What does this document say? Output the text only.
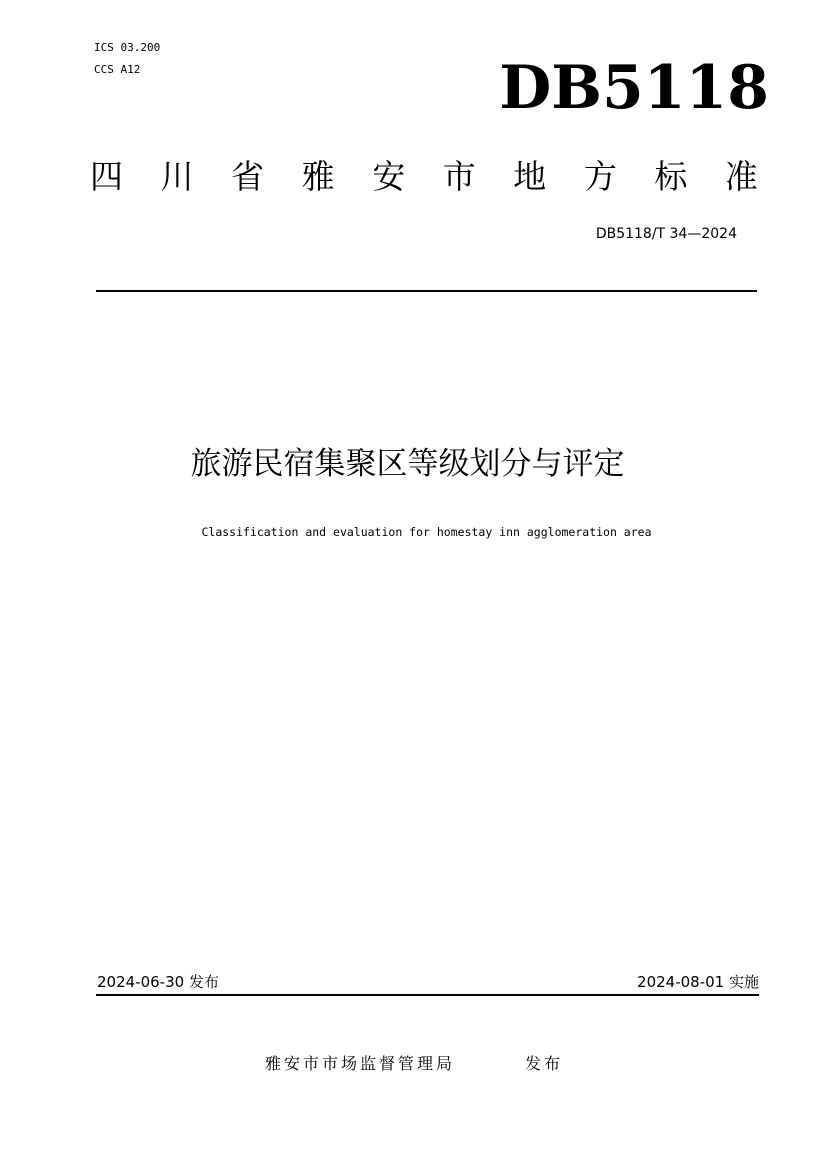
ICS 03.200
CCS A12	DB5118
四 川 省 雅 安 市 地 方 标 准
DB5118/T 34—2024
旅游民宿集聚区等级划分与评定
Classification and evaluation for homestay inn agglomeration area
2024-06-30 发布	2024-08-01 实施
雅安市市场监督管理局	发布
